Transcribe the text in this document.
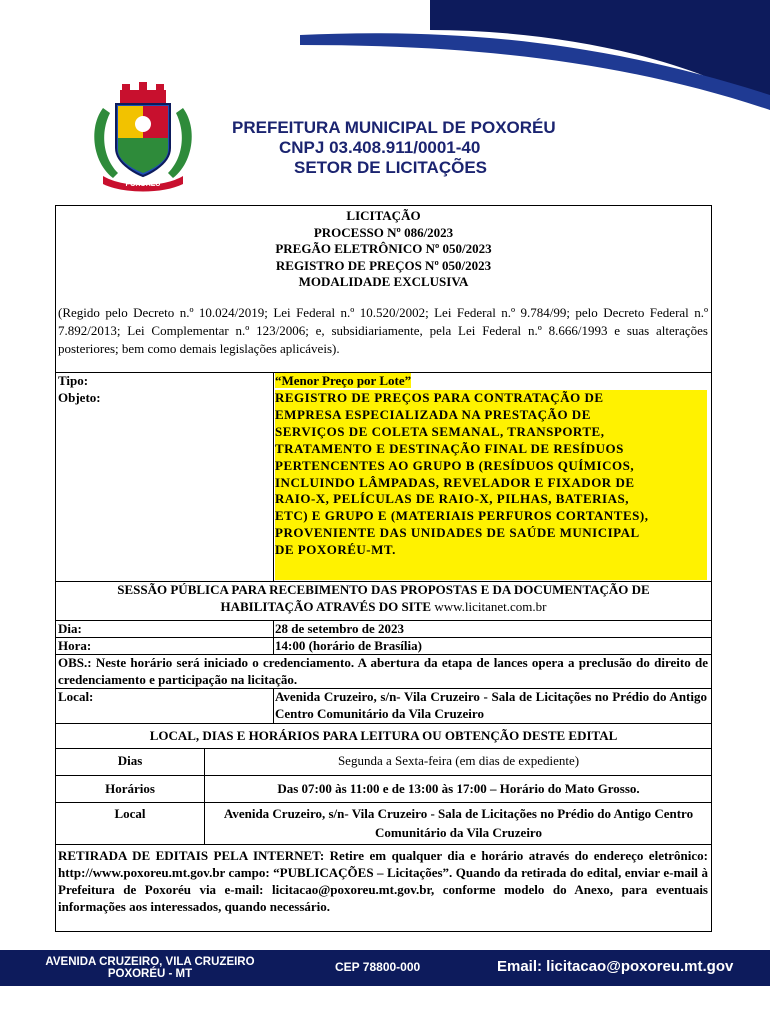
POXORÉU
PREFEITURA MUNICIPAL DE POXORÉU
CNPJ 03.408.911/0001-40
SETOR DE LICITAÇÕES
LICITAÇÃO
PROCESSO Nº 086/2023
PREGÃO ELETRÔNICO Nº 050/2023
REGISTRO DE PREÇOS Nº 050/2023
MODALIDADE EXCLUSIVA
(Regido pelo Decreto n.º 10.024/2019; Lei Federal n.º 10.520/2002; Lei Federal n.º 9.784/99; pelo Decreto Federal n.º 7.892/2013; Lei Complementar n.º 123/2006; e, subsidiariamente, pela Lei Federal n.º 8.666/1993 e suas alterações posteriores; bem como demais legislações aplicáveis).
Tipo:	“Menor Preço por Lote”
Objeto:	REGISTRO DE PREÇOS PARA CONTRATAÇÃO DE
EMPRESA ESPECIALIZADA NA PRESTAÇÃO DE
SERVIÇOS DE COLETA SEMANAL, TRANSPORTE,
TRATAMENTO E DESTINAÇÃO FINAL DE RESÍDUOS
PERTENCENTES AO GRUPO B (RESÍDUOS QUÍMICOS,
INCLUINDO LÂMPADAS, REVELADOR E FIXADOR DE
RAIO-X, PELÍCULAS DE RAIO-X, PILHAS, BATERIAS,
ETC) E GRUPO E (MATERIAIS PERFUROS CORTANTES),
PROVENIENTE DAS UNIDADES DE SAÚDE MUNICIPAL
DE POXORÉU-MT.
SESSÃO PÚBLICA PARA RECEBIMENTO DAS PROPOSTAS E DA DOCUMENTAÇÃO DE
HABILITAÇÃO ATRAVÉS DO SITE www.licitanet.com.br
Dia:	28 de setembro de 2023
Hora:	14:00 (horário de Brasília)
OBS.: Neste horário será iniciado o credenciamento. A abertura da etapa de lances opera a preclusão do direito de credenciamento e participação na licitação.
Local:	Avenida Cruzeiro, s/n- Vila Cruzeiro - Sala de Licitações no Prédio do Antigo Centro Comunitário da Vila Cruzeiro
LOCAL, DIAS E HORÁRIOS PARA LEITURA OU OBTENÇÃO DESTE EDITAL
Dias	Segunda a Sexta-feira (em dias de expediente)
Horários	Das 07:00 às 11:00 e de 13:00 às 17:00 – Horário do Mato Grosso.
Local	Avenida Cruzeiro, s/n- Vila Cruzeiro - Sala de Licitações no Prédio do Antigo Centro Comunitário da Vila Cruzeiro
RETIRADA DE EDITAIS PELA INTERNET: Retire em qualquer dia e horário através do endereço eletrônico: http://www.poxoreu.mt.gov.br campo: “PUBLICAÇÕES – Licitações”. Quando da retirada do edital, enviar e-mail à Prefeitura de Poxoréu via e-mail: licitacao@poxoreu.mt.gov.br, conforme modelo do Anexo, para eventuais informações aos interessados, quando necessário.
AVENIDA CRUZEIRO, VILA CRUZEIRO
POXORÉU - MT	CEP 78800-000	Email: licitacao@poxoreu.mt.gov
